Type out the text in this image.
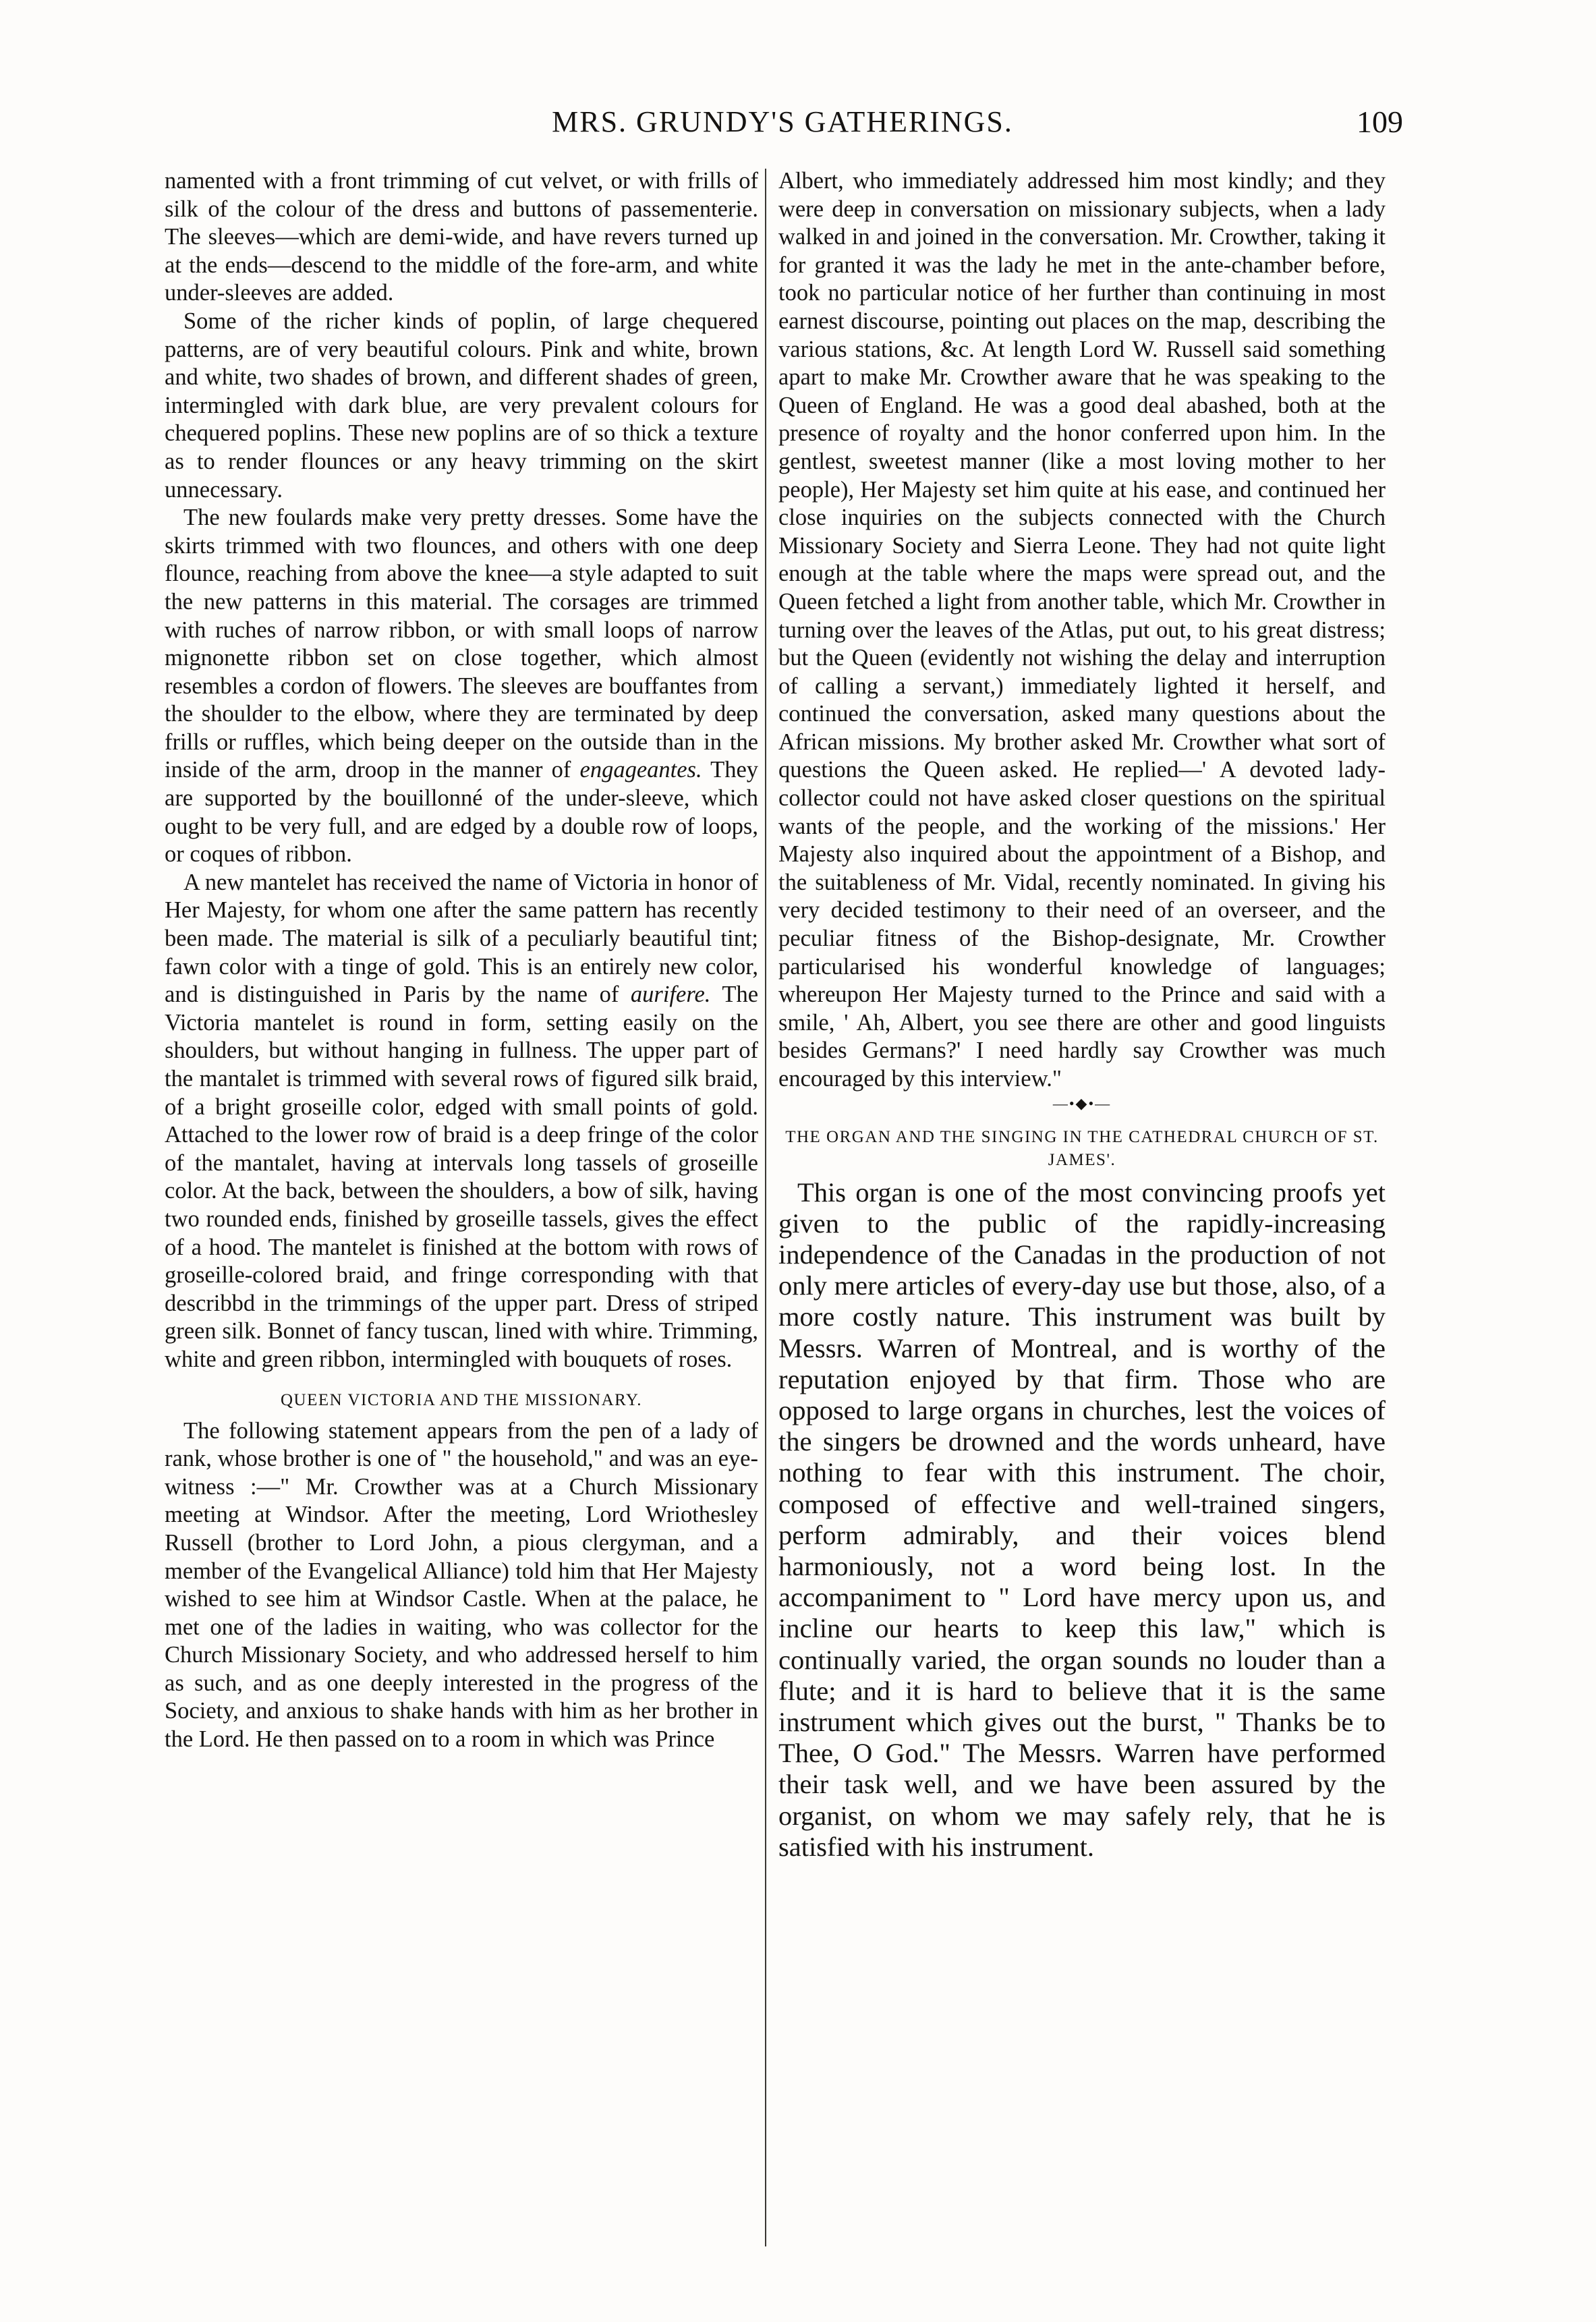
MRS. GRUNDY'S GATHERINGS.	109

namented with a front trimming of cut velvet, or with frills of silk of the colour of the dress and buttons of passementerie. The sleeves—which are demi-wide, and have revers turned up at the ends—descend to the middle of the fore-arm, and white under-sleeves are added.

Some of the richer kinds of poplin, of large chequered patterns, are of very beautiful colours. Pink and white, brown and white, two shades of brown, and different shades of green, intermingled with dark blue, are very prevalent colours for chequered poplins. These new poplins are of so thick a texture as to render flounces or any heavy trimming on the skirt unnecessary.

The new foulards make very pretty dresses. Some have the skirts trimmed with two flounces, and others with one deep flounce, reaching from above the knee—a style adapted to suit the new patterns in this material. The corsages are trimmed with ruches of narrow ribbon, or with small loops of narrow mignonette ribbon set on close together, which almost resembles a cordon of flowers. The sleeves are bouffantes from the shoulder to the elbow, where they are terminated by deep frills or ruffles, which being deeper on the outside than in the inside of the arm, droop in the manner of engageantes. They are supported by the bouillonné of the under-sleeve, which ought to be very full, and are edged by a double row of loops, or coques of ribbon.

A new mantelet has received the name of Victoria in honor of Her Majesty, for whom one after the same pattern has recently been made. The material is silk of a peculiarly beautiful tint; fawn color with a tinge of gold. This is an entirely new color, and is distinguished in Paris by the name of aurifere. The Victoria mantelet is round in form, setting easily on the shoulders, but without hanging in fullness. The upper part of the mantalet is trimmed with several rows of figured silk braid, of a bright groseille color, edged with small points of gold. Attached to the lower row of braid is a deep fringe of the color of the mantalet, having at intervals long tassels of groseille color. At the back, between the shoulders, a bow of silk, having two rounded ends, finished by groseille tassels, gives the effect of a hood. The mantelet is finished at the bottom with rows of groseille-colored braid, and fringe corresponding with that describbd in the trimmings of the upper part. Dress of striped green silk. Bonnet of fancy tuscan, lined with whire. Trimming, white and green ribbon, intermingled with bouquets of roses.

QUEEN VICTORIA AND THE MISSIONARY.

The following statement appears from the pen of a lady of rank, whose brother is one of " the household," and was an eye-witness :—" Mr. Crowther was at a Church Missionary meeting at Windsor. After the meeting, Lord Wriothesley Russell (brother to Lord John, a pious clergyman, and a member of the Evangelical Alliance) told him that Her Majesty wished to see him at Windsor Castle. When at the palace, he met one of the ladies in waiting, who was collector for the Church Missionary Society, and who addressed herself to him as such, and as one deeply interested in the progress of the Society, and anxious to shake hands with him as her brother in the Lord. He then passed on to a room in which was Prince

Albert, who immediately addressed him most kindly; and they were deep in conversation on missionary subjects, when a lady walked in and joined in the conversation. Mr. Crowther, taking it for granted it was the lady he met in the ante-chamber before, took no particular notice of her further than continuing in most earnest discourse, pointing out places on the map, describing the various stations, &c. At length Lord W. Russell said something apart to make Mr. Crowther aware that he was speaking to the Queen of England. He was a good deal abashed, both at the presence of royalty and the honor conferred upon him. In the gentlest, sweetest manner (like a most loving mother to her people), Her Majesty set him quite at his ease, and continued her close inquiries on the subjects connected with the Church Missionary Society and Sierra Leone. They had not quite light enough at the table where the maps were spread out, and the Queen fetched a light from another table, which Mr. Crowther in turning over the leaves of the Atlas, put out, to his great distress; but the Queen (evidently not wishing the delay and interruption of calling a servant,) immediately lighted it herself, and continued the conversation, asked many questions about the African missions. My brother asked Mr. Crowther what sort of questions the Queen asked. He replied—' A devoted lady-collector could not have asked closer questions on the spiritual wants of the people, and the working of the missions.' Her Majesty also inquired about the appointment of a Bishop, and the suitableness of Mr. Vidal, recently nominated. In giving his very decided testimony to their need of an overseer, and the peculiar fitness of the Bishop-designate, Mr. Crowther particularised his wonderful knowledge of languages; whereupon Her Majesty turned to the Prince and said with a smile, ' Ah, Albert, you see there are other and good linguists besides Germans?' I need hardly say Crowther was much encouraged by this interview."

—•◆•—
THE ORGAN AND THE SINGING IN THE CATHEDRAL CHURCH OF ST. JAMES'.

This organ is one of the most convincing proofs yet given to the public of the rapidly-increasing independence of the Canadas in the production of not only mere articles of every-day use but those, also, of a more costly nature. This instrument was built by Messrs. Warren of Montreal, and is worthy of the reputation enjoyed by that firm. Those who are opposed to large organs in churches, lest the voices of the singers be drowned and the words unheard, have nothing to fear with this instrument. The choir, composed of effective and well-trained singers, perform admirably, and their voices blend harmoniously, not a word being lost. In the accompaniment to " Lord have mercy upon us, and incline our hearts to keep this law," which is continually varied, the organ sounds no louder than a flute; and it is hard to believe that it is the same instrument which gives out the burst, " Thanks be to Thee, O God." The Messrs. Warren have performed their task well, and we have been assured by the organist, on whom we may safely rely, that he is satisfied with his instrument.
